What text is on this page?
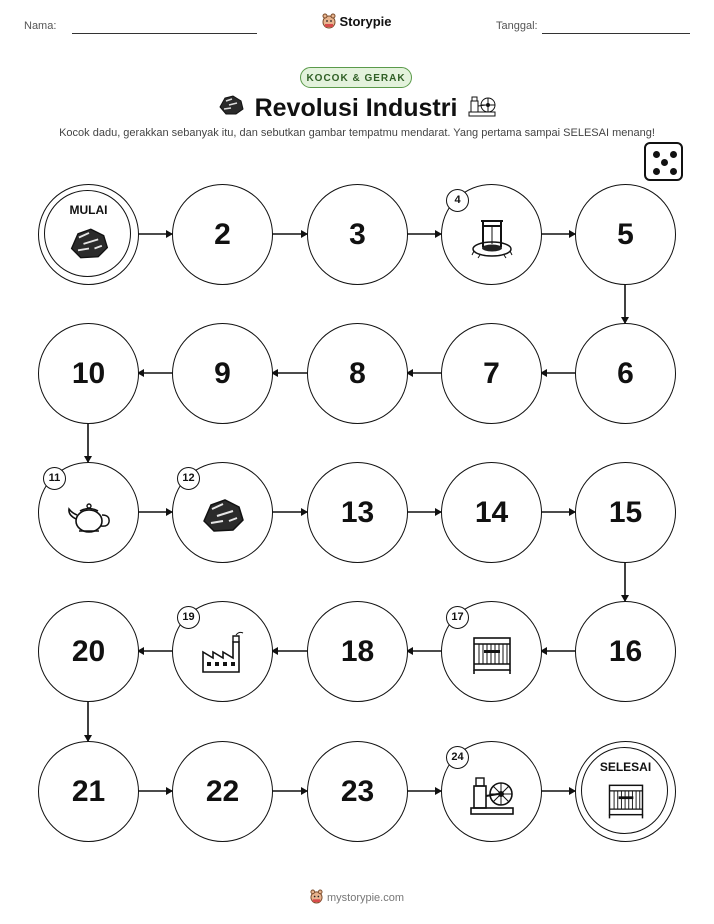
Nama:	Storypie	Tanggal:
KOCOK & GERAK
Revolusi Industri
Kocok dadu, gerakkan sebanyak itu, dan sebutkan gambar tempatmu mendarat. Yang pertama sampai SELESAI menang!
MULAI
2	3
4
5
6
7
8
9
10
11	12
13	14	15
16
17
18
19
20
21	22	23
24
SELESAI
mystorypie.com
